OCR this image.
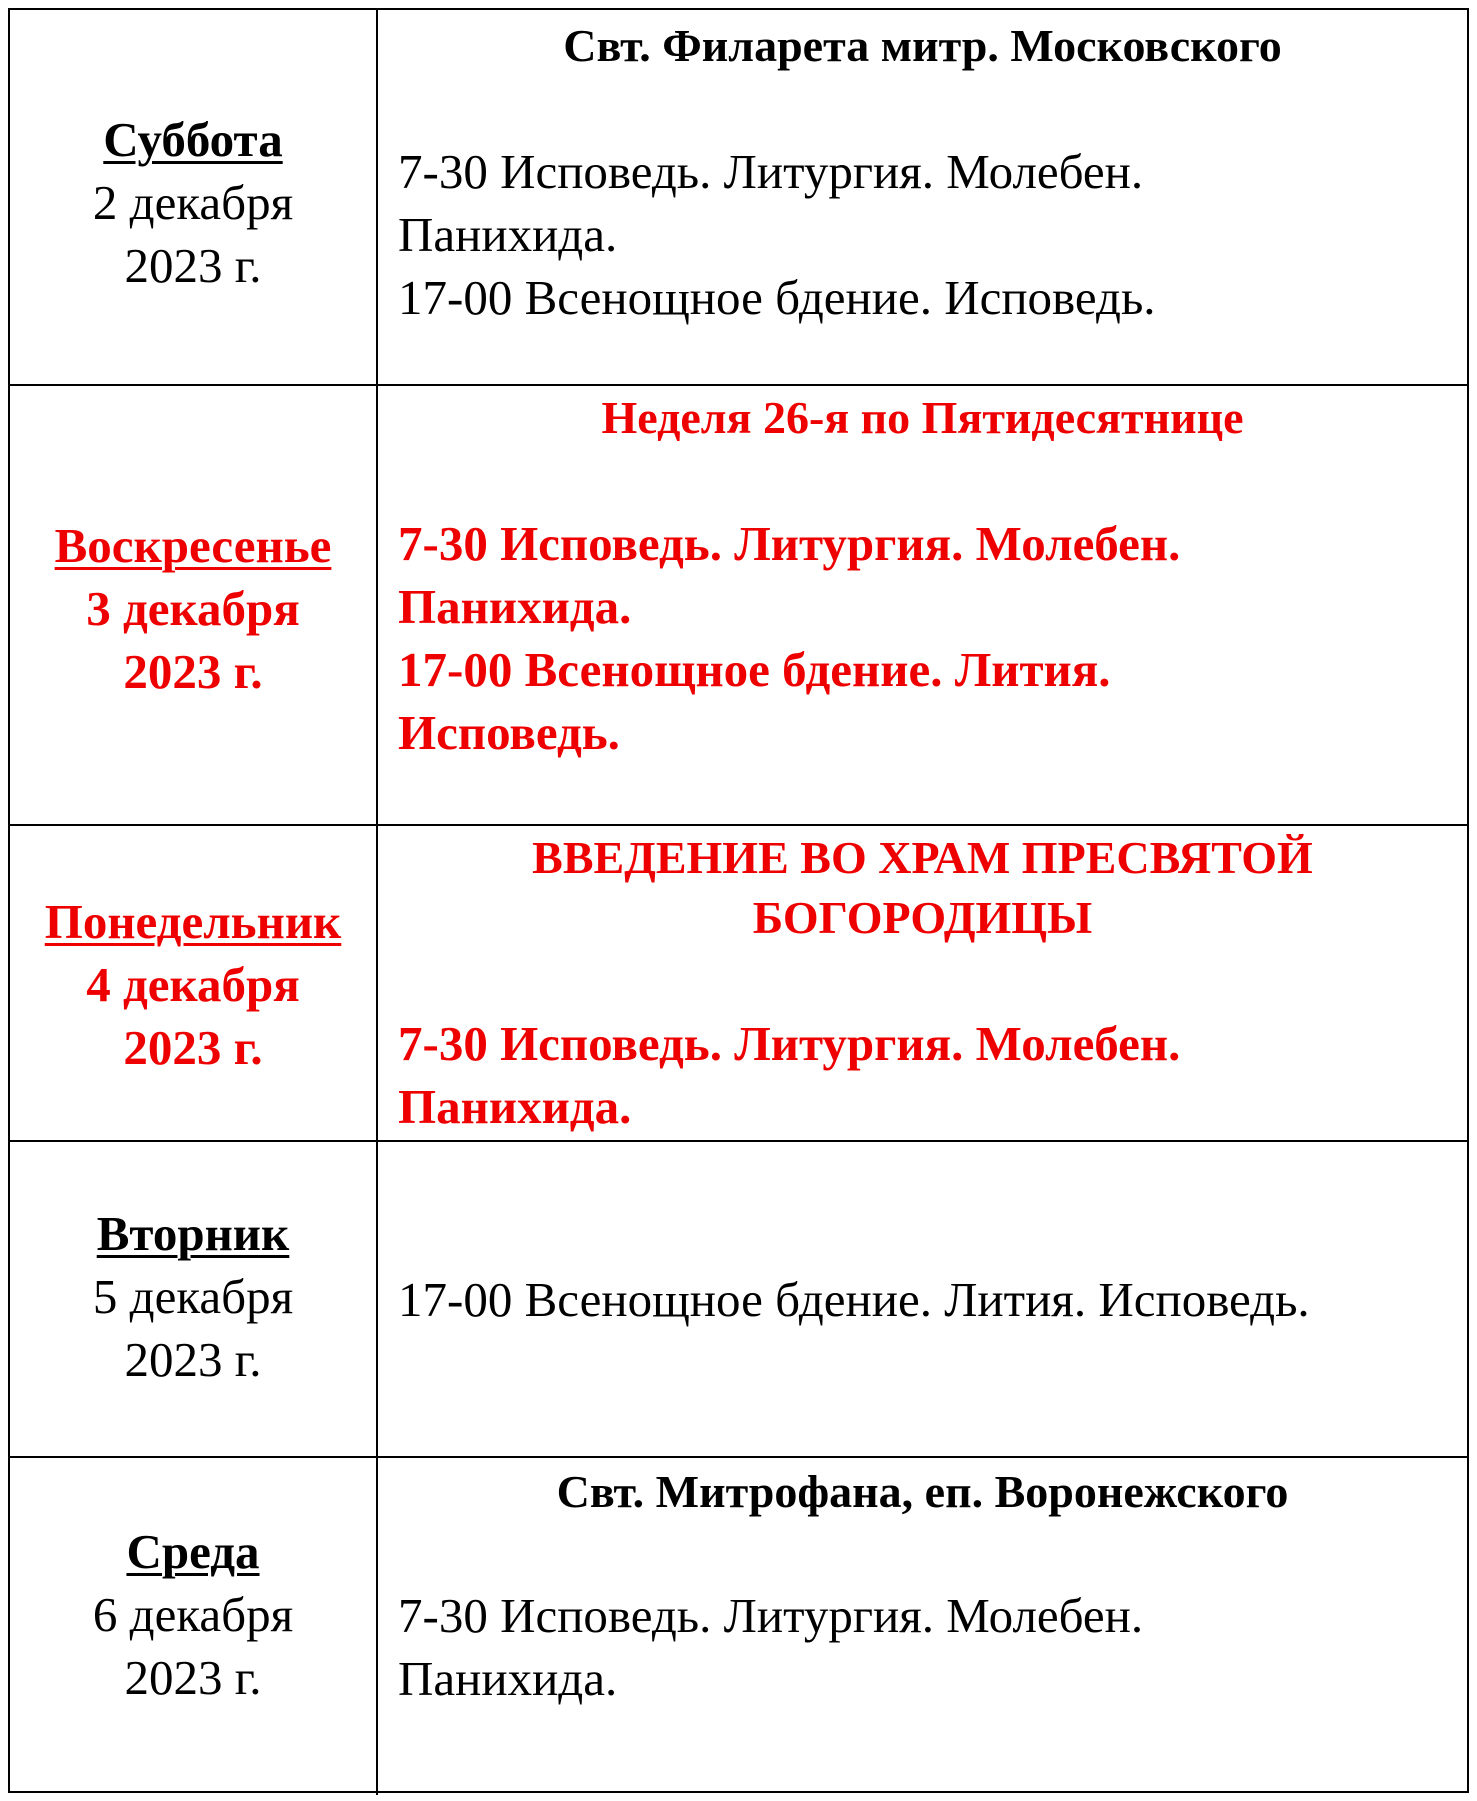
Суббота
2 декабря
2023 г.
Свт. Филарета митр. Московского
7-30 Исповедь. Литургия. Молебен.
Панихида.
17-00 Всенощное бдение. Исповедь.
Воскресенье
3 декабря
2023 г.
Неделя 26-я по Пятидесятнице
7-30 Исповедь. Литургия. Молебен.
Панихида.
17-00 Всенощное бдение. Лития.
Исповедь.
Понедельник
4 декабря
2023 г.
ВВЕДЕНИЕ ВО ХРАМ ПРЕСВЯТОЙ
БОГОРОДИЦЫ
7-30 Исповедь. Литургия. Молебен.
Панихида.
Вторник
5 декабря
2023 г.
17-00 Всенощное бдение. Лития. Исповедь.
Среда
6 декабря
2023 г.
Свт. Митрофана, еп. Воронежского
7-30 Исповедь. Литургия. Молебен.
Панихида.
